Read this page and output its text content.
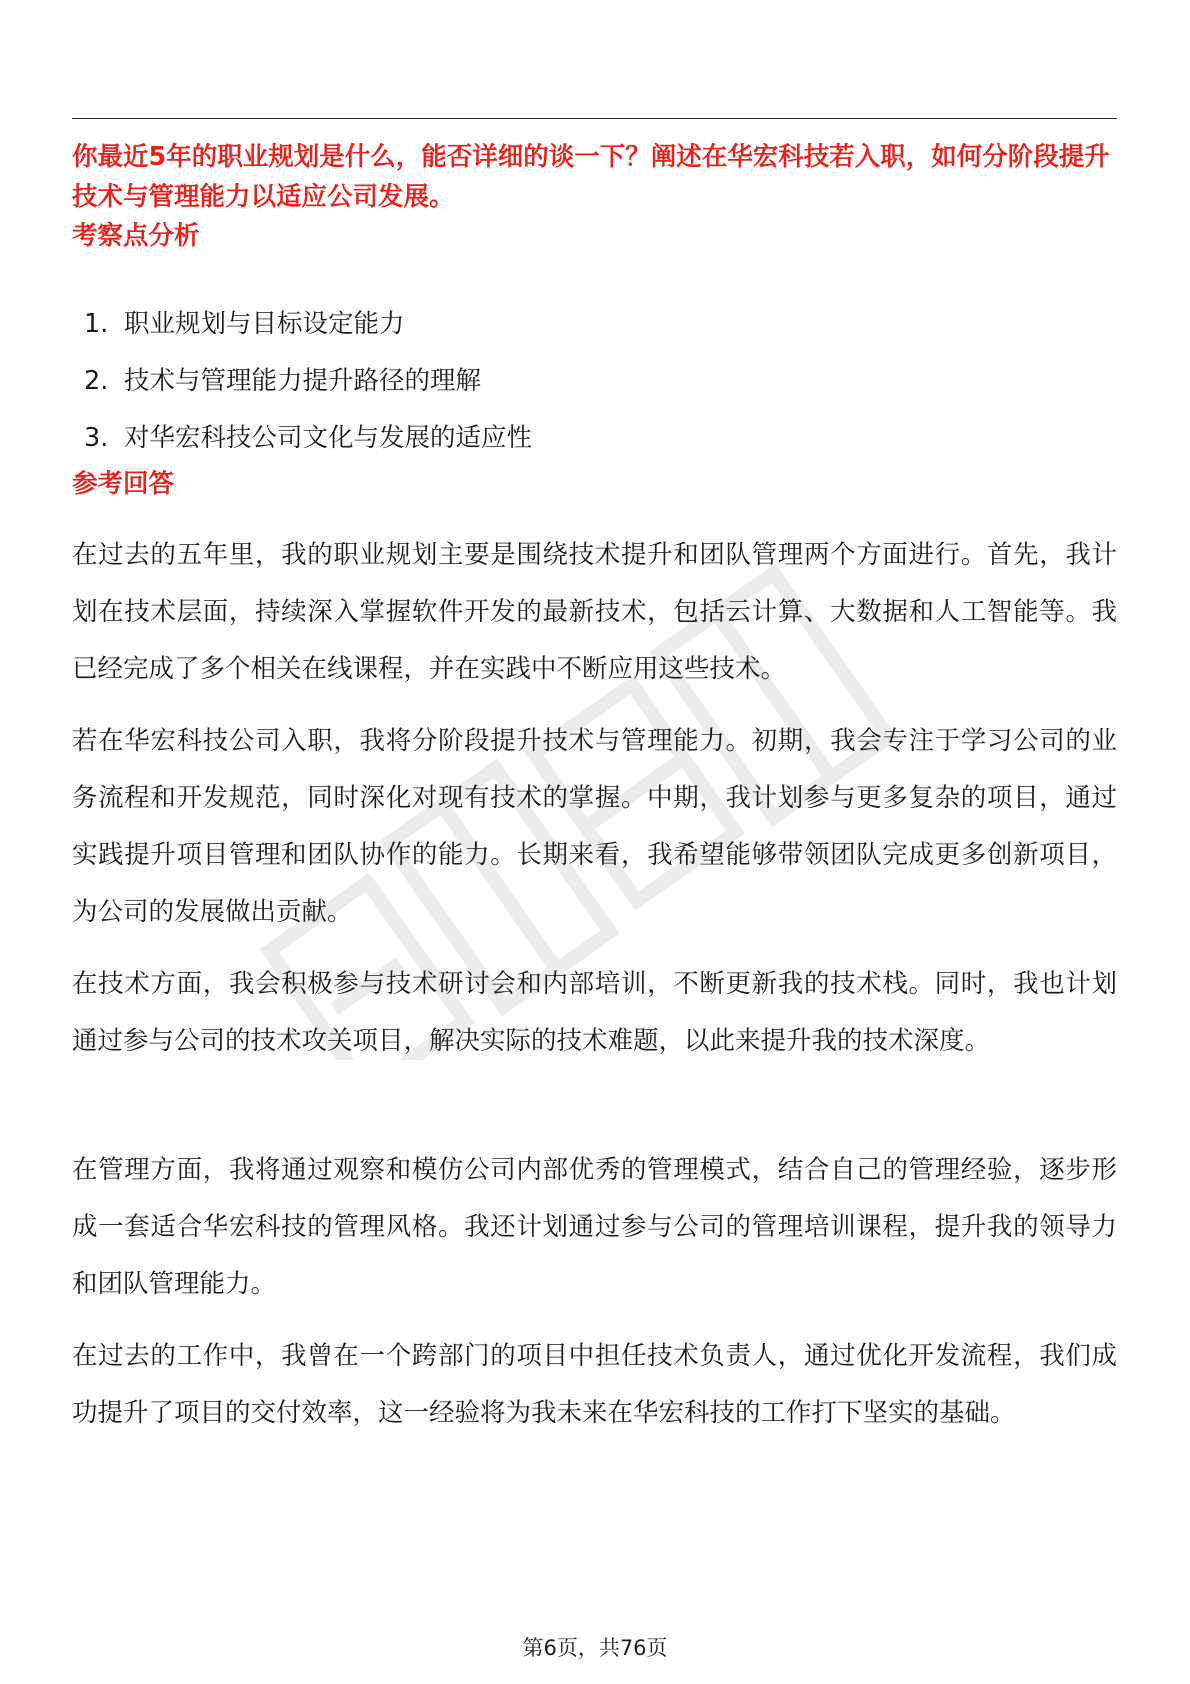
你最近5年的职业规划是什么，能否详细的谈一下？阐述在华宏科技若入职，如何分阶段提升技术与管理能力以适应公司发展。

考察点分析
1. 职业规划与目标设定能力
2. 技术与管理能力提升路径的理解
3. 对华宏科技公司文化与发展的适应性
参考回答

在过去的五年里，我的职业规划主要是围绕技术提升和团队管理两个方面进行。首先，我计划在技术层面，持续深入掌握软件开发的最新技术，包括云计算、大数据和人工智能等。我已经完成了多个相关在线课程，并在实践中不断应用这些技术。

若在华宏科技公司入职，我将分阶段提升技术与管理能力。初期，我会专注于学习公司的业务流程和开发规范，同时深化对现有技术的掌握。中期，我计划参与更多复杂的项目，通过实践提升项目管理和团队协作的能力。长期来看，我希望能够带领团队完成更多创新项目，为公司的发展做出贡献。

在技术方面，我会积极参与技术研讨会和内部培训，不断更新我的技术栈。同时，我也计划通过参与公司的技术攻关项目，解决实际的技术难题，以此来提升我的技术深度。

在管理方面，我将通过观察和模仿公司内部优秀的管理模式，结合自己的管理经验，逐步形成一套适合华宏科技的管理风格。我还计划通过参与公司的管理培训课程，提升我的领导力和团队管理能力。

在过去的工作中，我曾在一个跨部门的项目中担任技术负责人，通过优化开发流程，我们成功提升了项目的交付效率，这一经验将为我未来在华宏科技的工作打下坚实的基础。

第6页，共76页
